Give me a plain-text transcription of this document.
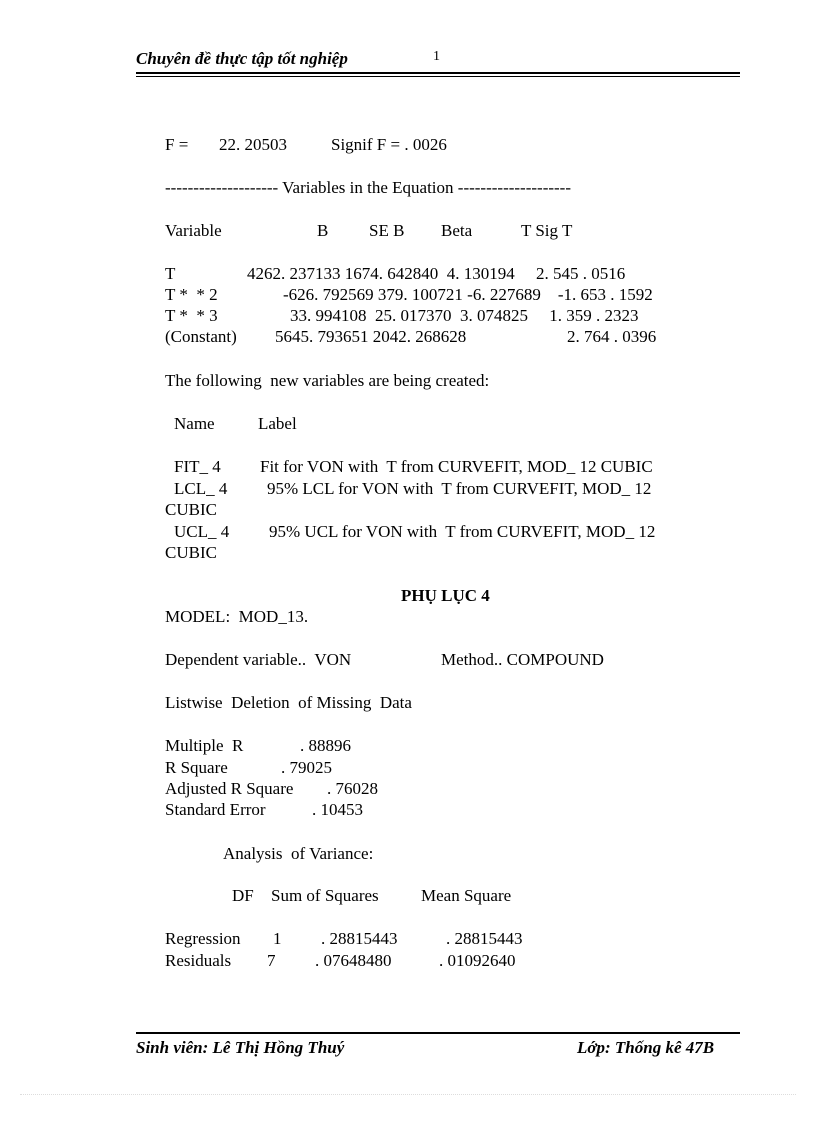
Chuyên đề thực tập tốt nghiệp	1
F = 22. 20503	Signif F = . 0026
-------------------- Variables in the Equation --------------------
Variable	B SE B Beta	T Sig T
T	4262. 237133 1674. 642840  4. 130194     2. 545 . 0516
T *  * 2	-626. 792569 379. 100721 -6. 227689    -1. 653 . 1592
T *  * 3	33. 994108  25. 017370  3. 074825     1. 359 . 2323
(Constant) 5645. 793651 2042. 268628	2. 764 . 0396
The following  new variables are being created:
Name	Label
FIT_ 4 Fit for VON with  T from CURVEFIT, MOD_ 12 CUBIC
LCL_ 4 95% LCL for VON with  T from CURVEFIT, MOD_ 12
CUBIC
UCL_ 4 95% UCL for VON with  T from CURVEFIT, MOD_ 12
CUBIC
PHỤ LỤC 4
MODEL:  MOD_13.
Dependent variable..  VON	Method.. COMPOUND
Listwise  Deletion  of Missing  Data
Multiple  R	. 88896
R Square	. 79025
Adjusted R Square . 76028
Standard Error	. 10453
Analysis  of Variance:
DF Sum of Squares Mean Square
Regression 1 . 28815443	. 28815443
Residuals 7 . 07648480	. 01092640
Sinh viên: Lê Thị Hồng Thuý	Lớp: Thống kê 47B
